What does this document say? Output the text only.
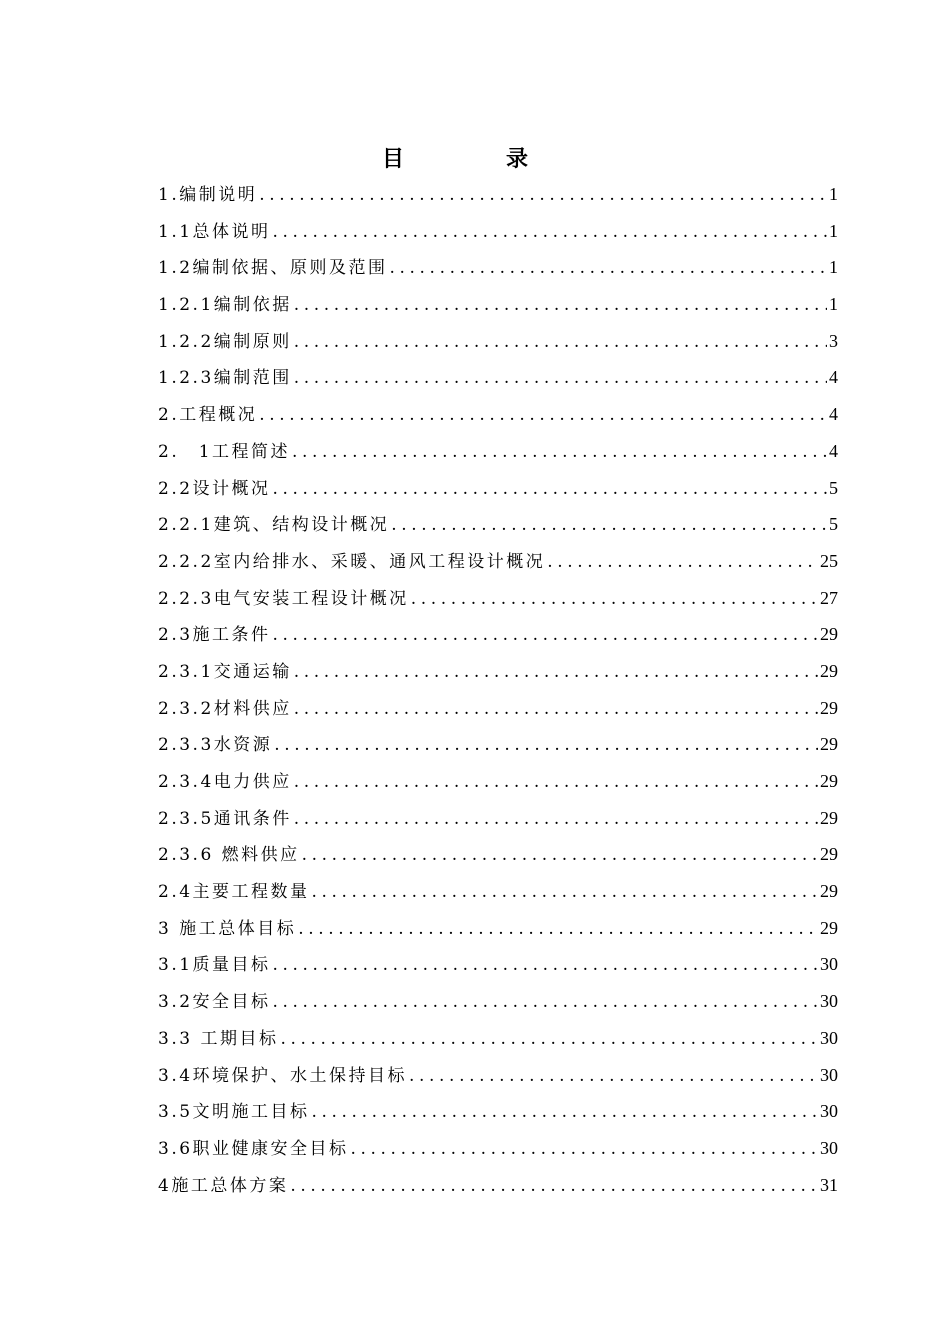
目　录
1.编制说明 .....	1
1.1总体说明 .....	1
1.2编制依据、原则及范围 .....	1
1.2.1编制依据 .....	1
1.2.2编制原则 .....	3
1.2.3编制范围 .....	4
2.工程概况 .....	4
2.　1工程简述 .....	4
2.2设计概况 .....	5
2.2.1建筑、结构设计概况 .....	5
2.2.2室内给排水、采暖、通风工程设计概况 .....	25
2.2.3电气安装工程设计概况 .....	27
2.3施工条件 .....	29
2.3.1交通运输 .....	29
2.3.2材料供应 .....	29
2.3.3水资源 .....	29
2.3.4电力供应 .....	29
2.3.5通讯条件 .....	29
2.3.6 燃料供应 .....	29
2.4主要工程数量 .....	29
3 施工总体目标 .....	29
3.1质量目标 .....	30
3.2安全目标 .....	30
3.3 工期目标 .....	30
3.4环境保护、水土保持目标 .....	30
3.5文明施工目标 .....	30
3.6职业健康安全目标 .....	30
4施工总体方案 .....	31
